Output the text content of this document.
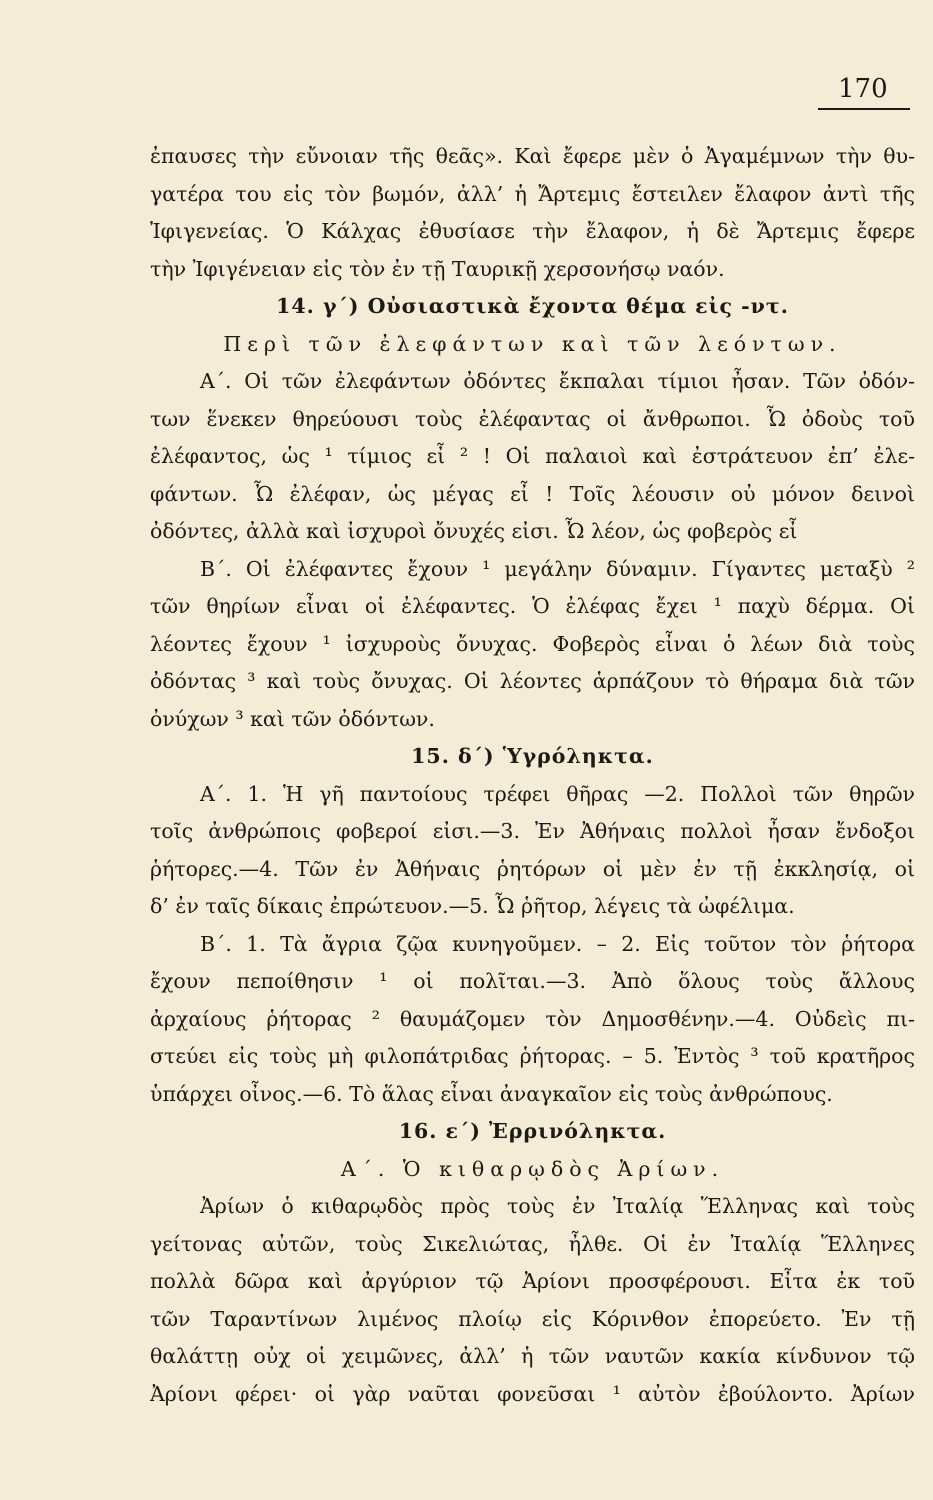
170
ἐπαυσες τὴν εὔνοιαν τῆς θεᾶς». Καὶ ἔφερε μὲν ὁ Ἀγαμέμνων τὴν θυ-
γατέρα του εἰς τὸν βωμόν, ἀλλ’ ἡ Ἄρτεμις ἔστειλεν ἔλαφον ἀντὶ τῆς
Ἰφιγενείας. Ὁ Κάλχας ἐθυσίασε τὴν ἔλαφον, ἡ δὲ Ἄρτεμις ἔφερε
τὴν Ἰφιγένειαν εἰς τὸν ἐν τῇ Ταυρικῇ χερσονήσῳ ναόν.
14. γ΄) Οὐσιαστικὰ ἔχοντα θέμα εἰς -ντ.
Περὶ τῶν ἐλεφάντων καὶ τῶν λεόντων.
Α΄. Οἱ τῶν ἐλεφάντων ὀδόντες ἔκπαλαι τίμιοι ἦσαν. Τῶν ὀδόν-
των ἕνεκεν θηρεύουσι τοὺς ἐλέφαντας οἱ ἄνθρωποι. Ὦ ὀδοὺς τοῦ
ἐλέφαντος, ὡς ¹ τίμιος εἶ ² ! Οἱ παλαιοὶ καὶ ἐστράτευον ἐπ’ ἐλε-
φάντων. Ὦ ἐλέφαν, ὡς μέγας εἶ ! Τοῖς λέουσιν οὐ μόνον δεινοὶ
ὀδόντες, ἀλλὰ καὶ ἰσχυροὶ ὄνυχές εἰσι. Ὦ λέον, ὡς φοβερὸς εἶ
Β΄. Οἱ ἐλέφαντες ἔχουν ¹ μεγάλην δύναμιν. Γίγαντες μεταξὺ ²
τῶν θηρίων εἶναι οἱ ἐλέφαντες. Ὁ ἐλέφας ἔχει ¹ παχὺ δέρμα. Οἱ
λέοντες ἔχουν ¹ ἰσχυροὺς ὄνυχας. Φοβερὸς εἶναι ὁ λέων διὰ τοὺς
ὀδόντας ³ καὶ τοὺς ὄνυχας. Οἱ λέοντες ἁρπάζουν τὸ θήραμα διὰ τῶν
ὀνύχων ³ καὶ τῶν ὀδόντων.
15. δ΄) Ὑγρόληκτα.
Α΄. 1. Ἡ γῆ παντοίους τρέφει θῆρας —2. Πολλοὶ τῶν θηρῶν
τοῖς ἀνθρώποις φοβεροί εἰσι.—3. Ἐν Ἀθήναις πολλοὶ ἦσαν ἔνδοξοι
ῥήτορες.—4. Τῶν ἐν Ἀθήναις ῥητόρων οἱ μὲν ἐν τῇ ἐκκλησίᾳ, οἱ
δ’ ἐν ταῖς δίκαις ἐπρώτευον.—5. Ὦ ῥῆτορ, λέγεις τὰ ὠφέλιμα.
Β΄. 1. Τὰ ἄγρια ζῷα κυνηγοῦμεν. – 2. Εἰς τοῦτον τὸν ῥήτορα
ἔχουν πεποίθησιν ¹ οἱ πολῖται.—3. Ἀπὸ ὅλους τοὺς ἄλλους
ἀρχαίους ῥήτορας ² θαυμάζομεν τὸν Δημοσθένην.—4. Οὐδεὶς πι-
στεύει εἰς τοὺς μὴ φιλοπάτριδας ῥήτορας. – 5. Ἐντὸς ³ τοῦ κρατῆρος
ὑπάρχει οἶνος.—6. Τὸ ἅλας εἶναι ἀναγκαῖον εἰς τοὺς ἀνθρώπους.
16. ε΄) Ἐρρινόληκτα.
Α΄. Ὁ κιθαρῳδὸς Ἀρίων.
Ἀρίων ὁ κιθαρῳδὸς πρὸς τοὺς ἐν Ἰταλίᾳ Ἕλληνας καὶ τοὺς
γείτονας αὐτῶν, τοὺς Σικελιώτας, ἦλθε. Οἱ ἐν Ἰταλίᾳ Ἕλληνες
πολλὰ δῶρα καὶ ἀργύριον τῷ Ἀρίονι προσφέρουσι. Εἶτα ἐκ τοῦ
τῶν Ταραντίνων λιμένος πλοίῳ εἰς Κόρινθον ἐπορεύετο. Ἐν τῇ
θαλάττῃ οὐχ οἱ χειμῶνες, ἀλλ’ ἡ τῶν ναυτῶν κακία κίνδυνον τῷ
Ἀρίονι φέρει· οἱ γὰρ ναῦται φονεῦσαι ¹ αὐτὸν ἐβούλοντο. Ἀρίων
